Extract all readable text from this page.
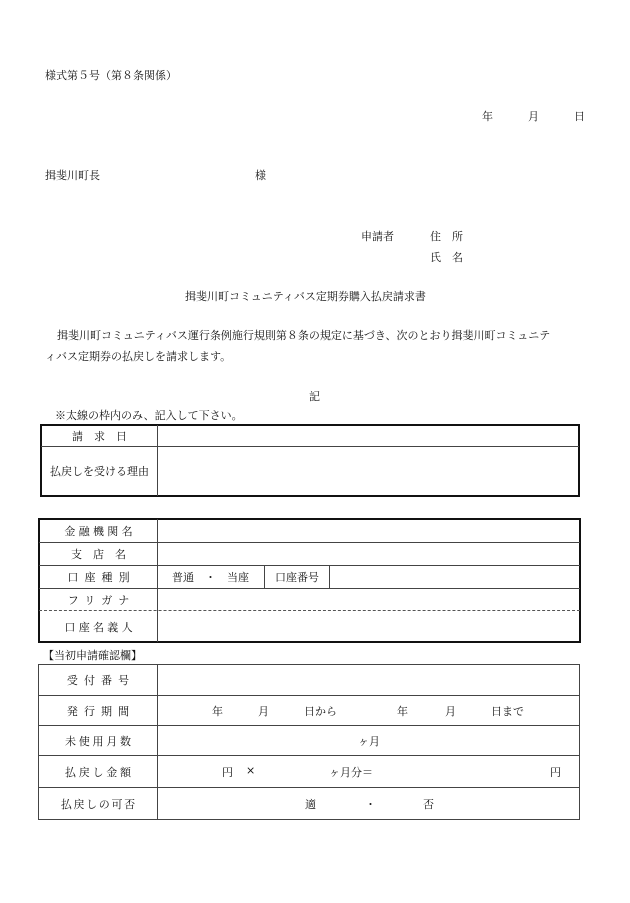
様式第５号（第８条関係）
年	月	日
揖斐川町長	様
申請者	住　所
氏　名
揖斐川町コミュニティバス定期券購入払戻請求書
揖斐川町コミュニティバス運行条例施行規則第８条の規定に基づき、次のとおり揖斐川町コミュニテ
ィバス定期券の払戻しを請求します。
記
※太線の枠内のみ、記入して下さい。
請　求　日
払戻しを受ける理由
金融機関名
支　店　名
口座種別	普通　・　当座 口座番号
フリガナ
口座名義人
【当初申請確認欄】
受付番号
発行期間	年	月	日から	年	月	日まで
未使用月数	ヶ月
払戻し金額	円 ×	ヶ月分＝	円
払戻しの可否	適	・	否
